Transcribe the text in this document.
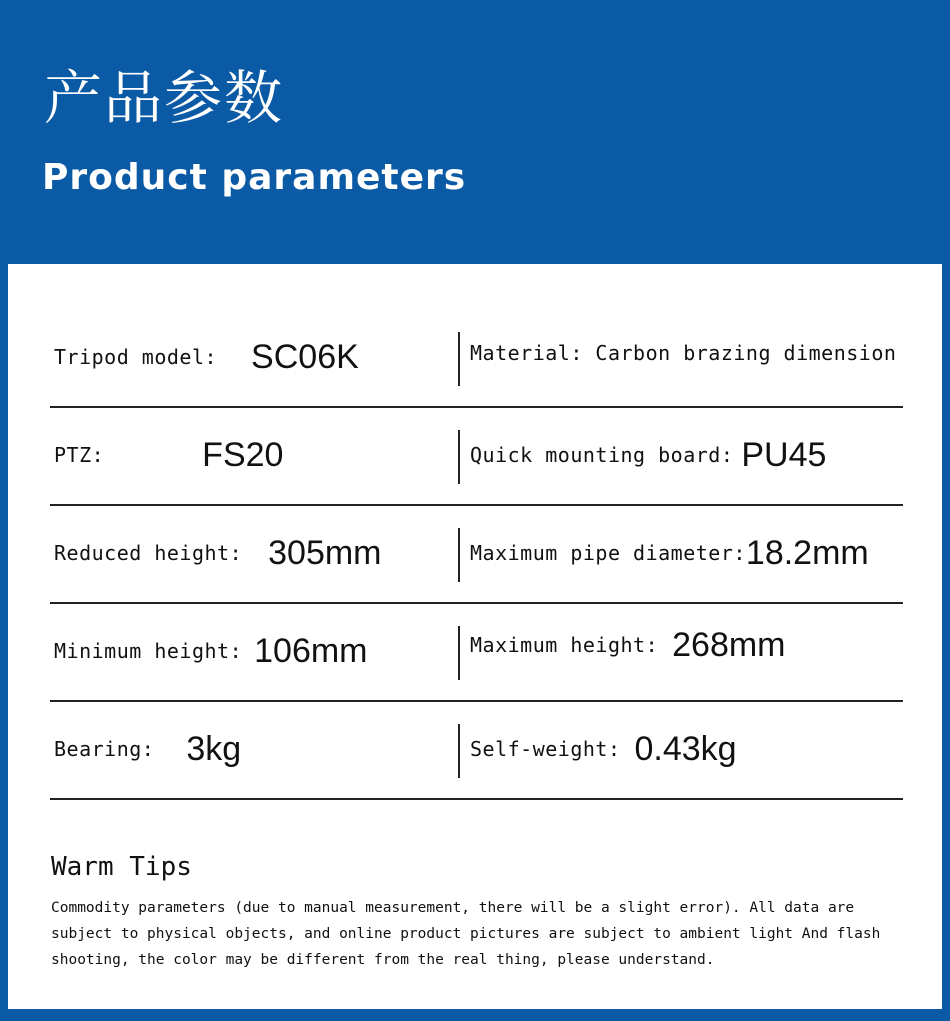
产品参数
Product parameters
Tripod model: SC06K	Material: Carbon brazing dimension
PTZ:	FS20	Quick mounting board: PU45
Reduced height: 305mm	Maximum pipe diameter: 18.2mm
Minimum height: 106mm	Maximum height: 268mm
Bearing: 3kg	Self-weight: 0.43kg
Warm Tips
Commodity parameters (due to manual measurement, there will be a slight error). All data are
subject to physical objects, and online product pictures are subject to ambient light And flash
shooting, the color may be different from the real thing, please understand.
